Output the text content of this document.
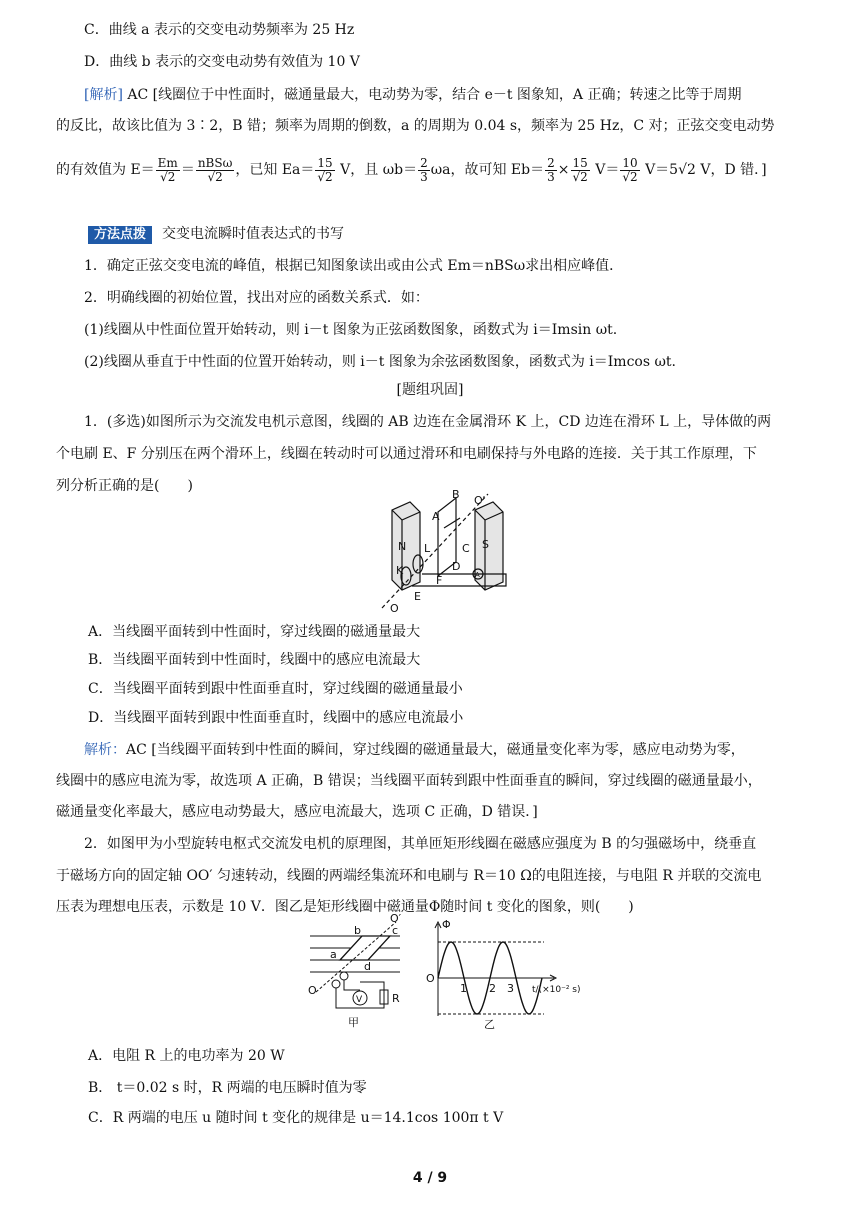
C．曲线 a 表示的交变电动势频率为 25 Hz
D．曲线 b 表示的交变电动势有效值为 10 V
[解析] AC [线圈位于中性面时，磁通量最大，电动势为零，结合 e－t 图象知，A 正确；转速之比等于周期
的反比，故该比值为 3∶2，B 错；频率为周期的倒数，a 的周期为 0.04 s，频率为 25 Hz，C 对；正弦交变电动势
的有效值为 $E= \frac{Em}{√2} = \frac{\text{nBSω}}{√2}$ ，已知 $Ea= \frac{15}{√2}$ V，且 $\omega b= \frac{2}{3}$ ωa，故可知 $Eb= \frac{2}{3} \times \frac{15}{√2} V= \frac{10}{√2} V=5√2$ V，D 错．]
方法点拨 交变电流瞬时值表达式的书写
1．确定正弦交变电流的峰值，根据已知图象读出或由公式 Em＝nBSω求出相应峰值．
2．明确线圈的初始位置，找出对应的函数关系式．如：
(1)线圈从中性面位置开始转动，则 i－t 图象为正弦函数图象，函数式为 i＝Imsin ωt.
(2)线圈从垂直于中性面的位置开始转动，则 i－t 图象为余弦函数图象，函数式为 i＝Imcos ωt.
[题组巩固]
1．(多选)如图所示为交流发电机示意图，线圈的 AB 边连在金属滑环 K 上，CD 边连在滑环 L 上，导体做的两
个电刷 E、F 分别压在两个滑环上，线圈在转动时可以通过滑环和电刷保持与外电路的连接．关于其工作原理，下
列分析正确的是(　　)
B O′
A
N	S
L	C
D
F
K
E
O
A
A．当线圈平面转到中性面时，穿过线圈的磁通量最大
B．当线圈平面转到中性面时，线圈中的感应电流最大
C．当线圈平面转到跟中性面垂直时，穿过线圈的磁通量最小
D．当线圈平面转到跟中性面垂直时，线圈中的感应电流最小
解析：AC [当线圈平面转到中性面的瞬间，穿过线圈的磁通量最大，磁通量变化率为零，感应电动势为零，
线圈中的感应电流为零，故选项 A 正确，B 错误；当线圈平面转到跟中性面垂直的瞬间，穿过线圈的磁通量最小，
磁通量变化率最大，感应电动势最大，感应电流最大，选项 C 正确，D 错误．]
2．如图甲为小型旋转电枢式交流发电机的原理图，其单匝矩形线圈在磁感应强度为 B 的匀强磁场中，绕垂直
于磁场方向的固定轴 OO′ 匀速转动，线圈的两端经集流环和电刷与 R＝10 Ω的电阻连接，与电阻 R 并联的交流电
压表为理想电压表，示数是 10 V．图乙是矩形线圈中磁通量Φ随时间 t 变化的图象，则(　　)
O′
b	c
a
d
O
V	R
甲
Φ
O
1 2 3 t/(×10⁻² s)
乙
A．电阻 R 上的电功率为 20 W
B． t＝0.02 s 时，R 两端的电压瞬时值为零
C．R 两端的电压 u 随时间 t 变化的规律是 u＝14.1cos 100π t V
4 / 9
